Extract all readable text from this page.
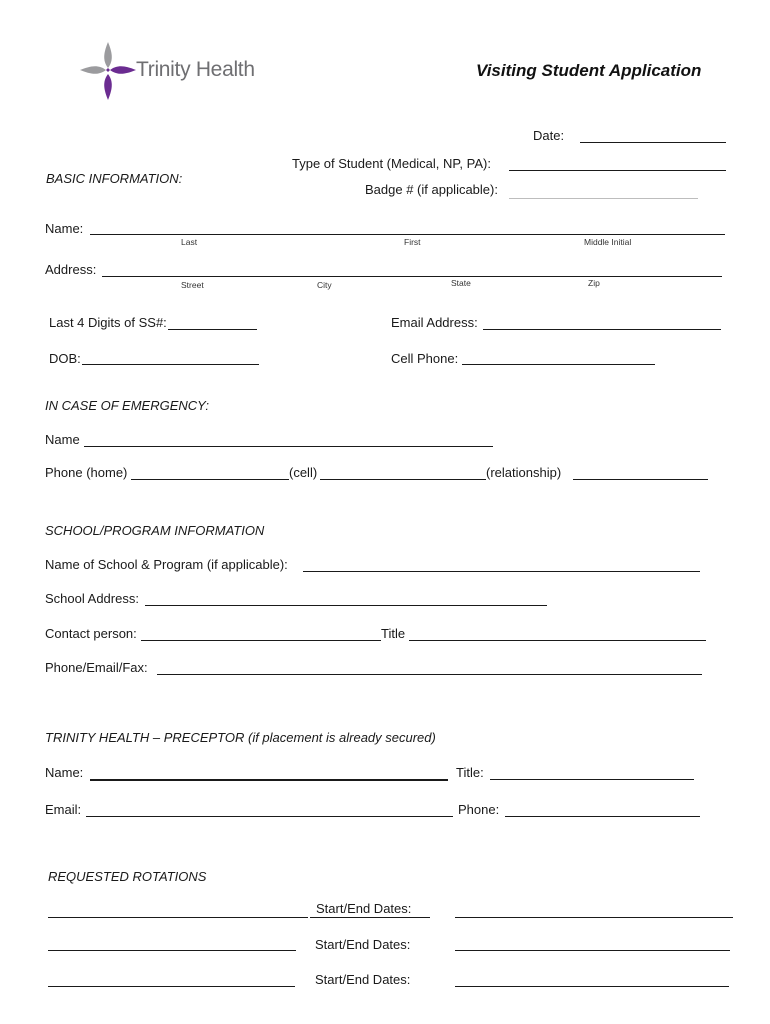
Trinity Health	Visiting Student Application
Date:
Type of Student (Medical, NP, PA):
BASIC INFORMATION:
Badge # (if applicable):
Name:
Last	First	Middle Initial
Address:
Street	City	State	Zip
Last 4 Digits of SS#:	Email Address:
DOB:	Cell Phone:
IN CASE OF EMERGENCY:
Name
Phone (home)	(cell)	(relationship)
SCHOOL/PROGRAM INFORMATION
Name of School & Program (if applicable):
School Address:
Contact person:	Title
Phone/Email/Fax:
TRINITY HEALTH – PRECEPTOR (if placement is already secured)
Name:	Title:
Email:	Phone:
REQUESTED ROTATIONS
Start/End Dates:
Start/End Dates:
Start/End Dates:
